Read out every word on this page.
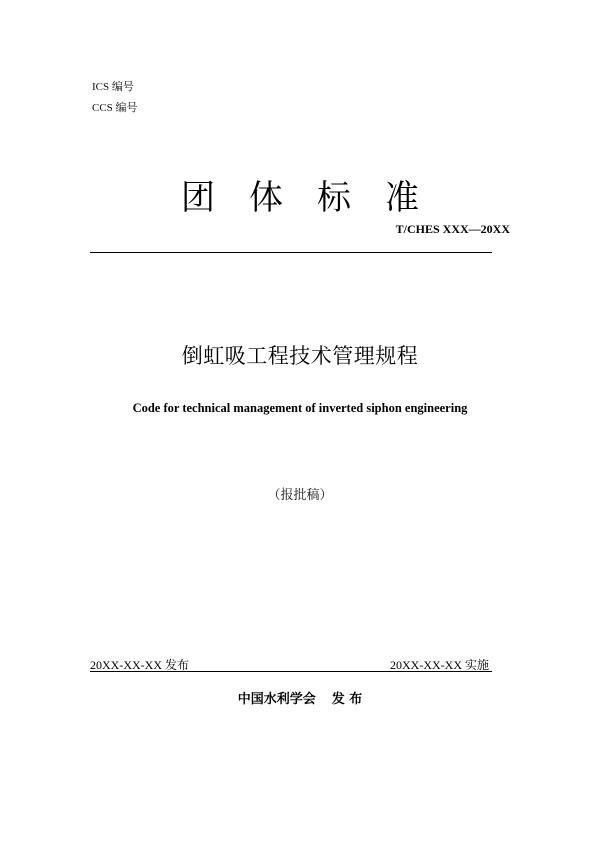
ICS 编号
CCS 编号
团体标准
T/CHES XXX—20XX
倒虹吸工程技术管理规程
Code for technical management of inverted siphon engineering
（报批稿）
20XX-XX-XX 发布	20XX-XX-XX 实施
中国水利学会 发 布
